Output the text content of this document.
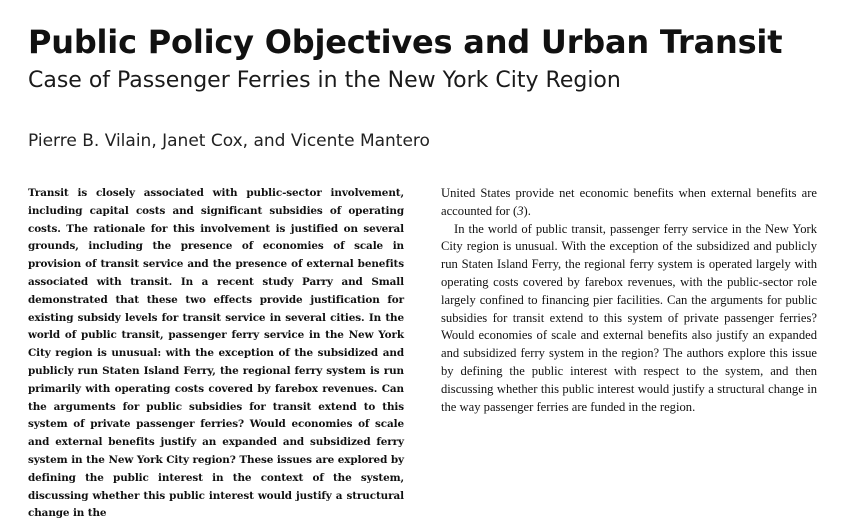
Public Policy Objectives and Urban Transit
Case of Passenger Ferries in the New York City Region
Pierre B. Vilain, Janet Cox, and Vicente Mantero

Transit is closely associated with public-sector involvement, including capital costs and significant subsidies of operating costs. The rationale for this involvement is justified on several grounds, including the presence of economies of scale in provision of transit service and the presence of external benefits associated with transit. In a recent study Parry and Small demonstrated that these two effects provide justification for existing subsidy levels for transit service in several cities. In the world of public transit, passenger ferry service in the New York City region is unusual: with the exception of the subsidized and publicly run Staten Island Ferry, the regional ferry system is run primarily with operating costs covered by farebox revenues. Can the arguments for public subsidies for transit extend to this system of private passenger ferries? Would economies of scale and external benefits justify an expanded and subsidized ferry system in the New York City region? These issues are explored by defining the public interest in the context of the system, discussing whether this public interest would justify a structural change in the

United States provide net economic benefits when external benefits are accounted for (3).

In the world of public transit, passenger ferry service in the New York City region is unusual. With the exception of the subsidized and publicly run Staten Island Ferry, the regional ferry system is operated largely with operating costs covered by farebox revenues, with the public-sector role largely confined to financing pier facilities. Can the arguments for public subsidies for transit extend to this system of private passenger ferries? Would economies of scale and external benefits also justify an expanded and subsidized ferry system in the region? The authors explore this issue by defining the public interest with respect to the system, and then discussing whether this public interest would justify a structural change in the way passenger ferries are funded in the region.
